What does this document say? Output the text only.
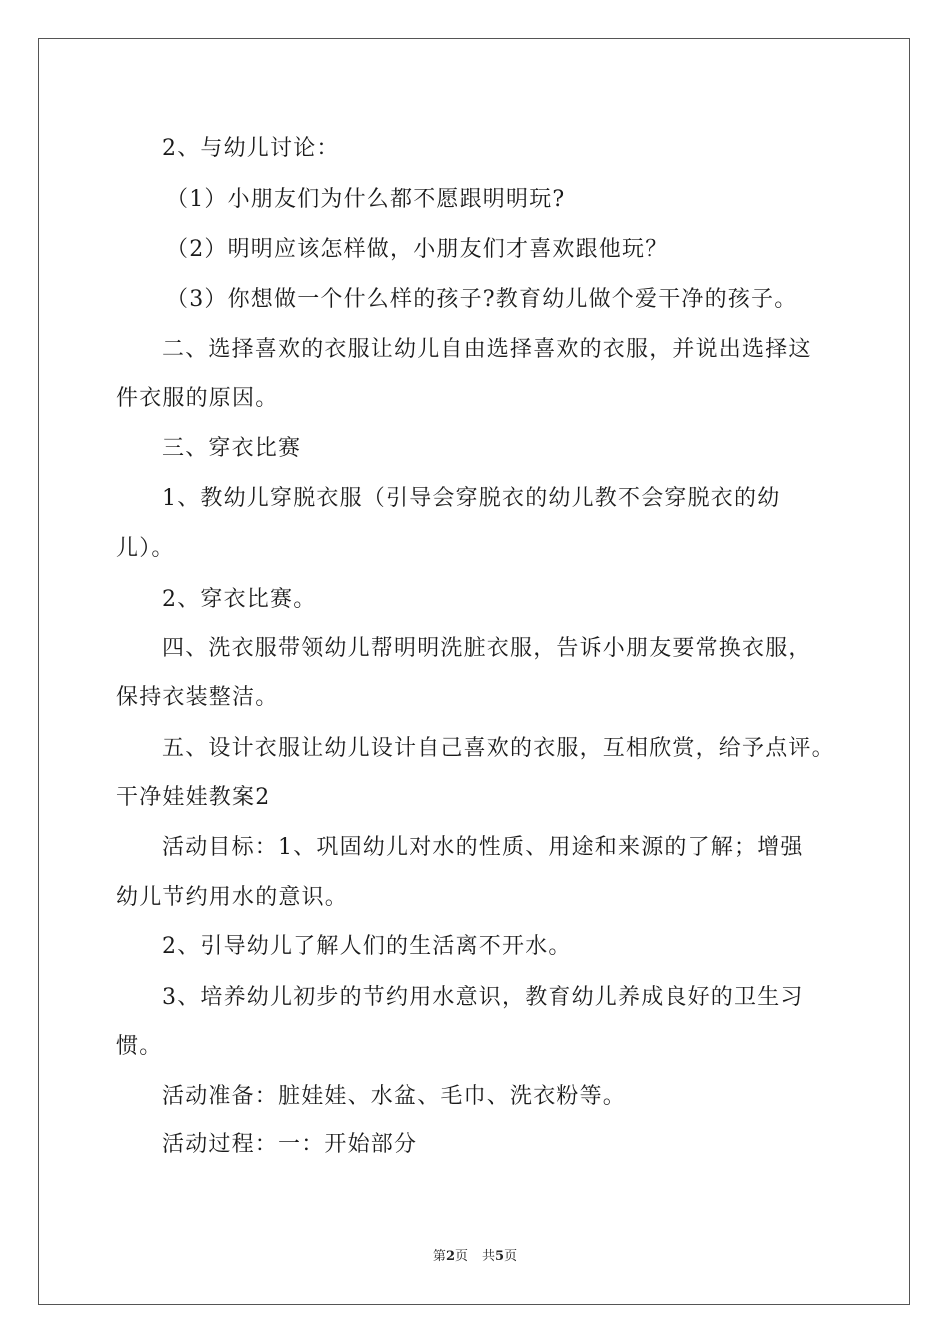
2、与幼儿讨论：
（1）小朋友们为什么都不愿跟明明玩?
（2）明明应该怎样做，小朋友们才喜欢跟他玩？
（3）你想做一个什么样的孩子?教育幼儿做个爱干净的孩子。
二、选择喜欢的衣服让幼儿自由选择喜欢的衣服，并说出选择这
件衣服的原因。
三、穿衣比赛
1、教幼儿穿脱衣服（引导会穿脱衣的幼儿教不会穿脱衣的幼
儿）。
2、穿衣比赛。
四、洗衣服带领幼儿帮明明洗脏衣服，告诉小朋友要常换衣服，
保持衣装整洁。
五、设计衣服让幼儿设计自己喜欢的衣服，互相欣赏，给予点评。
干净娃娃教案2
活动目标：1、巩固幼儿对水的性质、用途和来源的了解；增强
幼儿节约用水的意识。
2、引导幼儿了解人们的生活离不开水。
3、培养幼儿初步的节约用水意识，教育幼儿养成良好的卫生习
惯。
活动准备：脏娃娃、水盆、毛巾、洗衣粉等。
活动过程：一：开始部分
第2页 共5页
